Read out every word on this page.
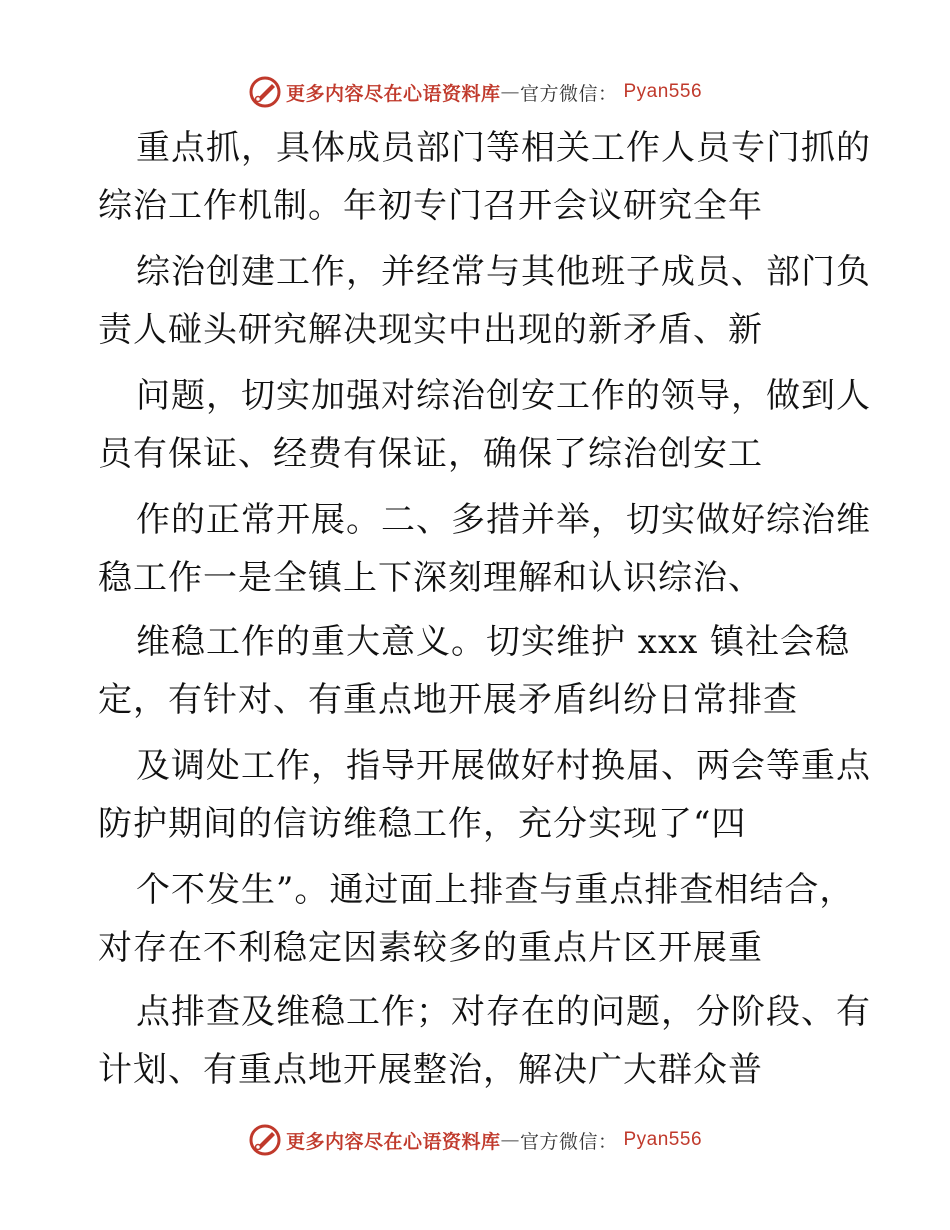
更多内容尽在心语资料库 — 官方微信： Pyan556
重点抓，具体成员部门等相关工作人员专门抓的
综治工作机制。年初专门召开会议研究全年
综治创建工作，并经常与其他班子成员、部门负
责人碰头研究解决现实中出现的新矛盾、新
问题，切实加强对综治创安工作的领导，做到人
员有保证、经费有保证，确保了综治创安工
作的正常开展。二、多措并举，切实做好综治维
稳工作一是全镇上下深刻理解和认识综治、
维稳工作的重大意义。切实维护 xxx 镇社会稳
定，有针对、有重点地开展矛盾纠纷日常排查
及调处工作，指导开展做好村换届、两会等重点
防护期间的信访维稳工作，充分实现了“四
个不发生”。通过面上排查与重点排查相结合，
对存在不利稳定因素较多的重点片区开展重
点排查及维稳工作；对存在的问题，分阶段、有
计划、有重点地开展整治，解决广大群众普
更多内容尽在心语资料库 — 官方微信： Pyan556
